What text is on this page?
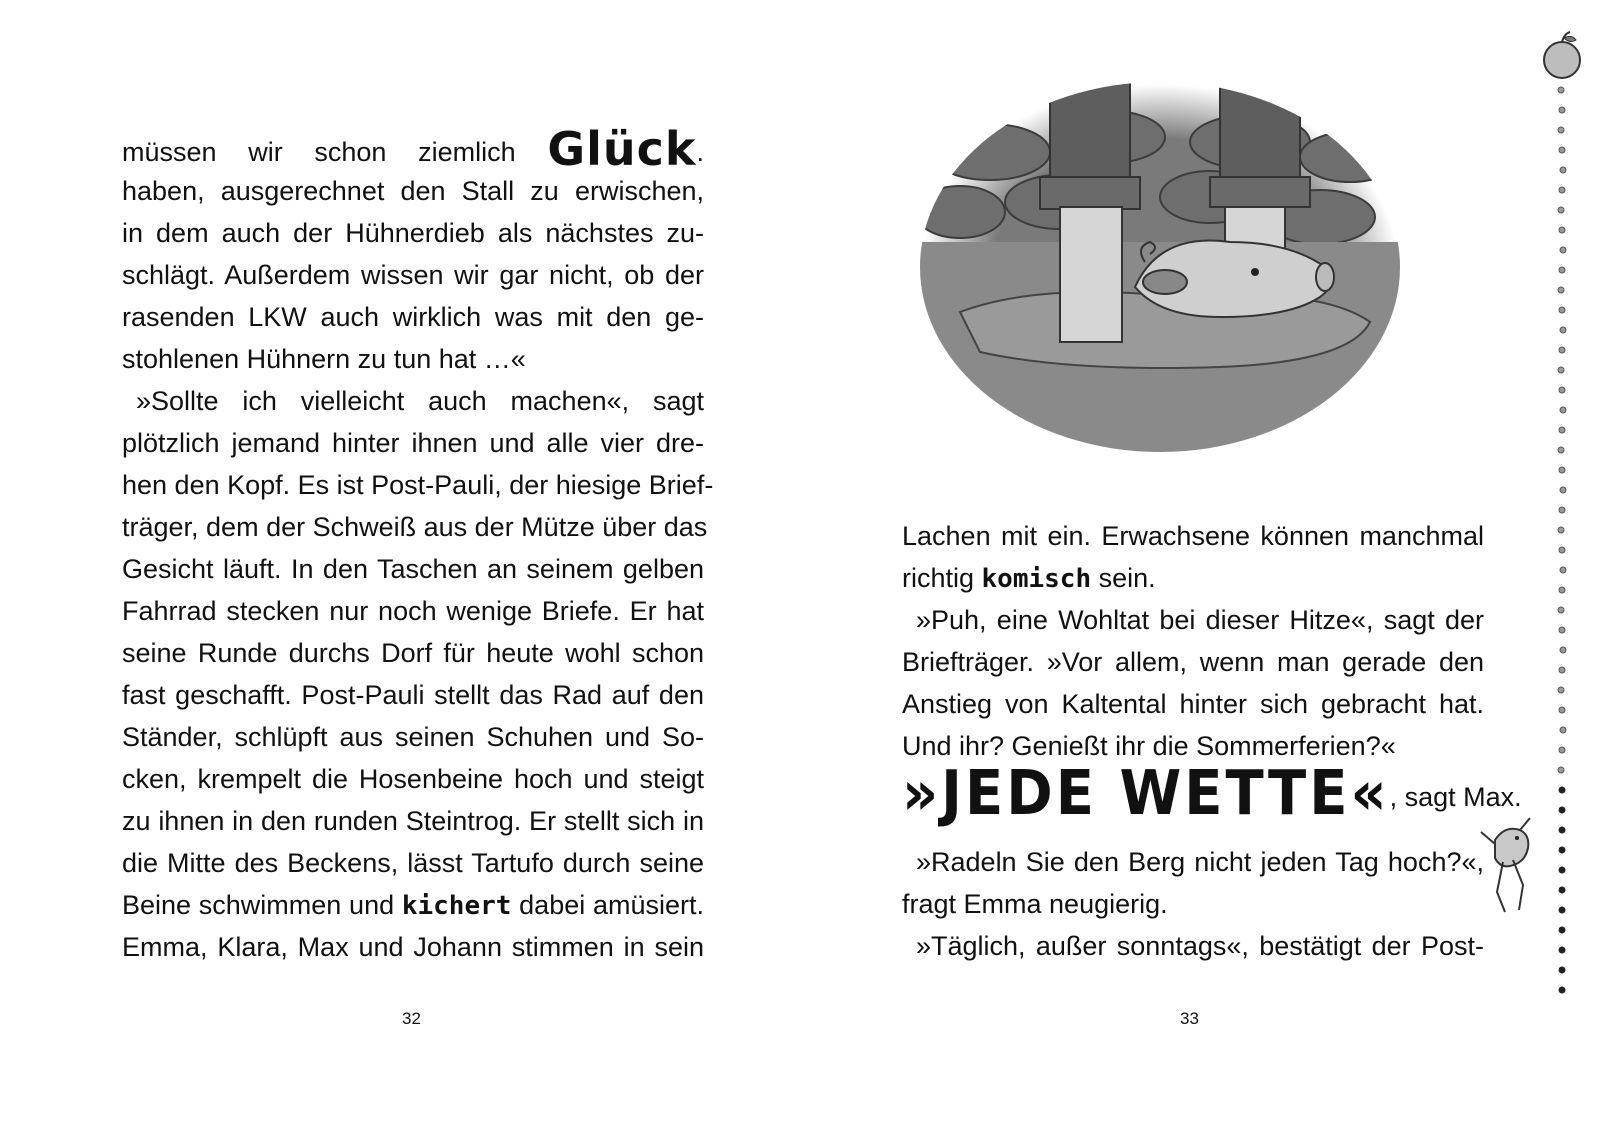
müssen wir schon ziemlich Glück.
haben, ausgerechnet den Stall zu erwischen,
in dem auch der Hühnerdieb als nächstes zu-
schlägt. Außerdem wissen wir gar nicht, ob der
rasenden LKW auch wirklich was mit den ge-
stohlenen Hühnern zu tun hat …«
»Sollte ich vielleicht auch machen«, sagt
plötzlich jemand hinter ihnen und alle vier dre-
hen den Kopf. Es ist Post-Pauli, der hiesige Brief-
träger, dem der Schweiß aus der Mütze über das
Gesicht läuft. In den Taschen an seinem gelben
Fahrrad stecken nur noch wenige Briefe. Er hat
seine Runde durchs Dorf für heute wohl schon
fast geschafft. Post-Pauli stellt das Rad auf den
Ständer, schlüpft aus seinen Schuhen und So-
cken, krempelt die Hosenbeine hoch und steigt
zu ihnen in den runden Steintrog. Er stellt sich in
die Mitte des Beckens, lässt Tartufo durch seine
Beine schwimmen und kichert dabei amüsiert.
Emma, Klara, Max und Johann stimmen in sein
32
Lachen mit ein. Erwachsene können manchmal
richtig komisch sein.
»Puh, eine Wohltat bei dieser Hitze«, sagt der
Briefträger. »Vor allem, wenn man gerade den
Anstieg von Kaltental hinter sich gebracht hat.
Und ihr? Genießt ihr die Sommerferien?«
»JEDE WETTE«, sagt Max.
»Radeln Sie den Berg nicht jeden Tag hoch?«,
fragt Emma neugierig.
»Täglich, außer sonntags«, bestätigt der Post-
33
